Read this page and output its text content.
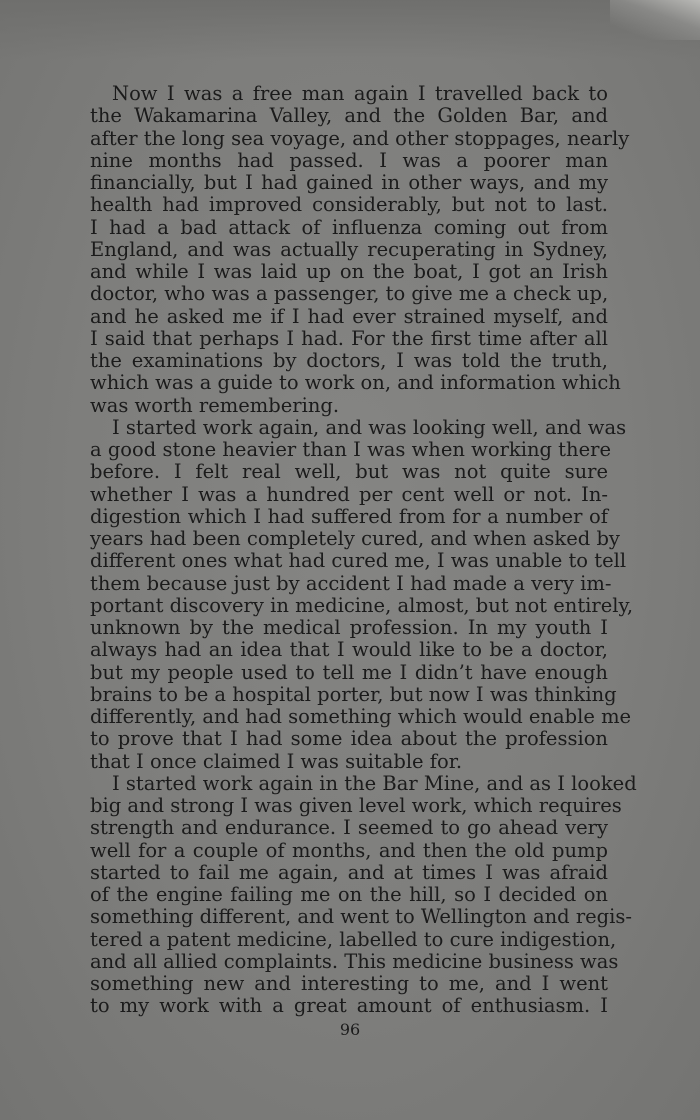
Now I was a free man again I travelled back to
the Wakamarina Valley, and the Golden Bar, and
after the long sea voyage, and other stoppages, nearly
nine months had passed. I was a poorer man
financially, but I had gained in other ways, and my
health had improved considerably, but not to last.
I had a bad attack of influenza coming out from
England, and was actually recuperating in Sydney,
and while I was laid up on the boat, I got an Irish
doctor, who was a passenger, to give me a check up,
and he asked me if I had ever strained myself, and
I said that perhaps I had. For the first time after all
the examinations by doctors, I was told the truth,
which was a guide to work on, and information which
was worth remembering.
I started work again, and was looking well, and was
a good stone heavier than I was when working there
before. I felt real well, but was not quite sure
whether I was a hundred per cent well or not. In-
digestion which I had suffered from for a number of
years had been completely cured, and when asked by
different ones what had cured me, I was unable to tell
them because just by accident I had made a very im-
portant discovery in medicine, almost, but not entirely,
unknown by the medical profession. In my youth I
always had an idea that I would like to be a doctor,
but my people used to tell me I didn’t have enough
brains to be a hospital porter, but now I was thinking
differently, and had something which would enable me
to prove that I had some idea about the profession
that I once claimed I was suitable for.
I started work again in the Bar Mine, and as I looked
big and strong I was given level work, which requires
strength and endurance. I seemed to go ahead very
well for a couple of months, and then the old pump
started to fail me again, and at times I was afraid
of the engine failing me on the hill, so I decided on
something different, and went to Wellington and regis-
tered a patent medicine, labelled to cure indigestion,
and all allied complaints. This medicine business was
something new and interesting to me, and I went
to my work with a great amount of enthusiasm. I
96
